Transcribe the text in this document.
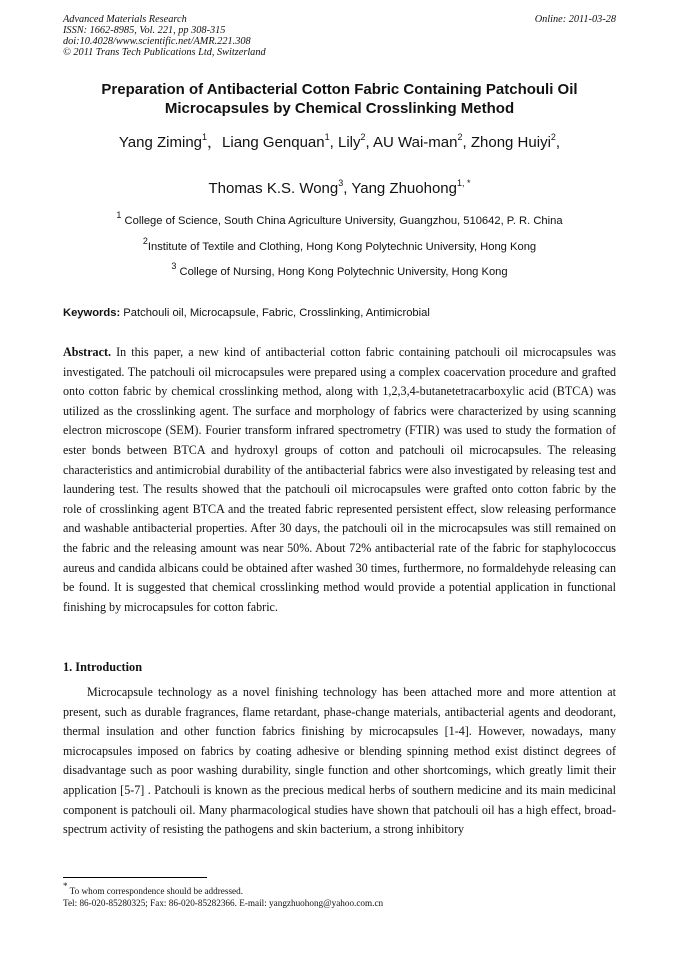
Advanced Materials Research
ISSN: 1662-8985, Vol. 221, pp 308-315
doi:10.4028/www.scientific.net/AMR.221.308
© 2011 Trans Tech Publications Ltd, Switzerland
Online: 2011-03-28
Preparation of Antibacterial Cotton Fabric Containing Patchouli Oil
Microcapsules by Chemical Crosslinking Method
Yang Ziming$^1$，Liang Genquan$^1$, Lily$^2$, AU Wai-man$^2$, Zhong Huiyi$^2$,
Thomas K.S. Wong$^3$, Yang Zhuohong$^{1, *}$
$^1$ College of Science, South China Agriculture University, Guangzhou, 510642, P. R. China
$^2$Institute of Textile and Clothing, Hong Kong Polytechnic University, Hong Kong
$^3$ College of Nursing, Hong Kong Polytechnic University, Hong Kong
Keywords: Patchouli oil, Microcapsule, Fabric, Crosslinking, Antimicrobial
Abstract. In this paper, a new kind of antibacterial cotton fabric containing patchouli oil microcapsules was investigated. The patchouli oil microcapsules were prepared using a complex coacervation procedure and grafted onto cotton fabric by chemical crosslinking method, along with 1,2,3,4-butanetetracarboxylic acid (BTCA) was utilized as the crosslinking agent. The surface and morphology of fabrics were characterized by using scanning electron microscope (SEM). Fourier transform infrared spectrometry (FTIR) was used to study the formation of ester bonds between BTCA and hydroxyl groups of cotton and patchouli oil microcapsules. The releasing characteristics and antimicrobial durability of the antibacterial fabrics were also investigated by releasing test and laundering test. The results showed that the patchouli oil microcapsules were grafted onto cotton fabric by the role of crosslinking agent BTCA and the treated fabric represented persistent effect, slow releasing performance and washable antibacterial properties. After 30 days, the patchouli oil in the microcapsules was still remained on the fabric and the releasing amount was near 50%. About 72% antibacterial rate of the fabric for staphylococcus aureus and candida albicans could be obtained after washed 30 times, furthermore, no formaldehyde releasing can be found. It is suggested that chemical crosslinking method would provide a potential application in functional finishing by microcapsules for cotton fabric.
1. Introduction
Microcapsule technology as a novel finishing technology has been attached more and more attention at present, such as durable fragrances, flame retardant, phase-change materials, antibacterial agents and deodorant, thermal insulation and other function fabrics finishing by microcapsules [1-4]. However, nowadays, many microcapsules imposed on fabrics by coating adhesive or blending spinning method exist distinct degrees of disadvantage such as poor washing durability, single function and other shortcomings, which greatly limit their application [5-7] . Patchouli is known as the precious medical herbs of southern medicine and its main medicinal component is patchouli oil. Many pharmacological studies have shown that patchouli oil has a high effect, broad-spectrum activity of resisting the pathogens and skin bacterium, a strong inhibitory
* To whom correspondence should be addressed.
Tel: 86-020-85280325; Fax: 86-020-85282366. E-mail: yangzhuohong@yahoo.com.cn
